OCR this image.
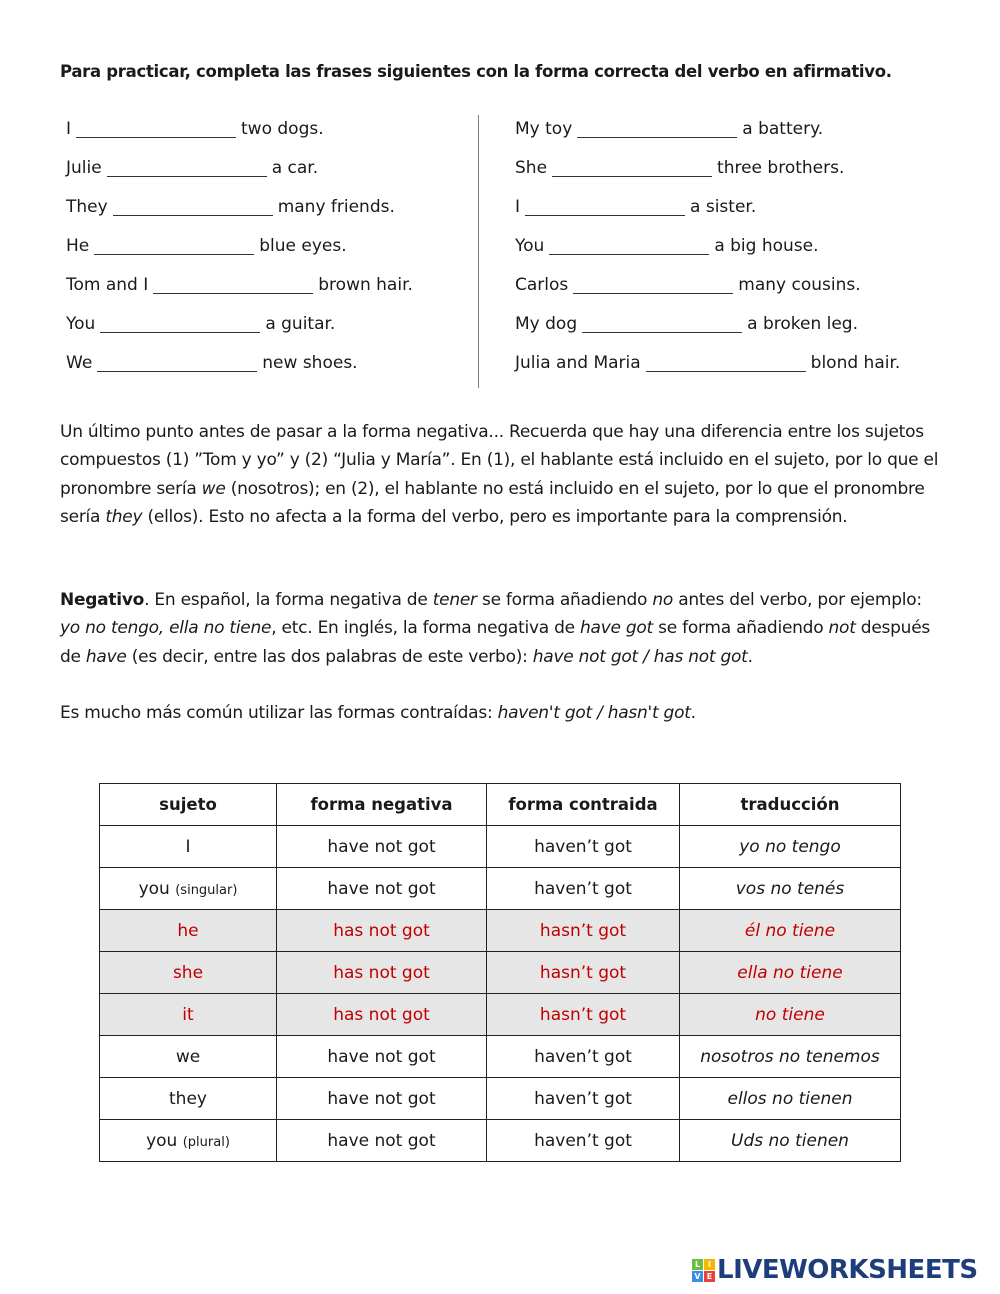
Para practicar, completa las frases siguientes con la forma correcta del verbo en afirmativo.
I	two dogs.
Julie	a car.
They	many friends.
He	blue eyes.
Tom and I	brown hair.
You	a guitar.
We	new shoes.
My toy	a battery.
She	three brothers.
I	a sister.
You	a big house.
Carlos	many cousins.
My dog	a broken leg.
Julia and Maria	blond hair.
Un último punto antes de pasar a la forma negativa... Recuerda que hay una diferencia entre los sujetos compuestos (1) ”Tom y yo” y (2) “Julia y María”. En (1), el hablante está incluido en el sujeto, por lo que el pronombre sería we (nosotros); en (2), el hablante no está incluido en el sujeto, por lo que el pronombre sería they (ellos). Esto no afecta a la forma del verbo, pero es importante para la comprensión.
Negativo. En español, la forma negativa de tener se forma añadiendo no antes del verbo, por ejemplo: yo no tengo, ella no tiene, etc. En inglés, la forma negativa de have got se forma añadiendo not después de have (es decir, entre las dos palabras de este verbo): have not got / has not got.
Es mucho más común utilizar las formas contraídas: haven't got / hasn't got.
sujeto	forma negativa	forma contraida	traducción
I	have not got	haven’t got	yo no tengo
you (singular)	have not got	haven’t got	vos no tenés
he	has not got	hasn’t got	él no tiene
she	has not got	hasn’t got	ella no tiene
it	has not got	hasn’t got	no tiene
we	have not got	haven’t got	nosotros no tenemos
they	have not got	haven’t got	ellos no tienen
you (plural)	have not got	haven’t got	Uds no tienen
L I
V E LIVEWORKSHEETS
